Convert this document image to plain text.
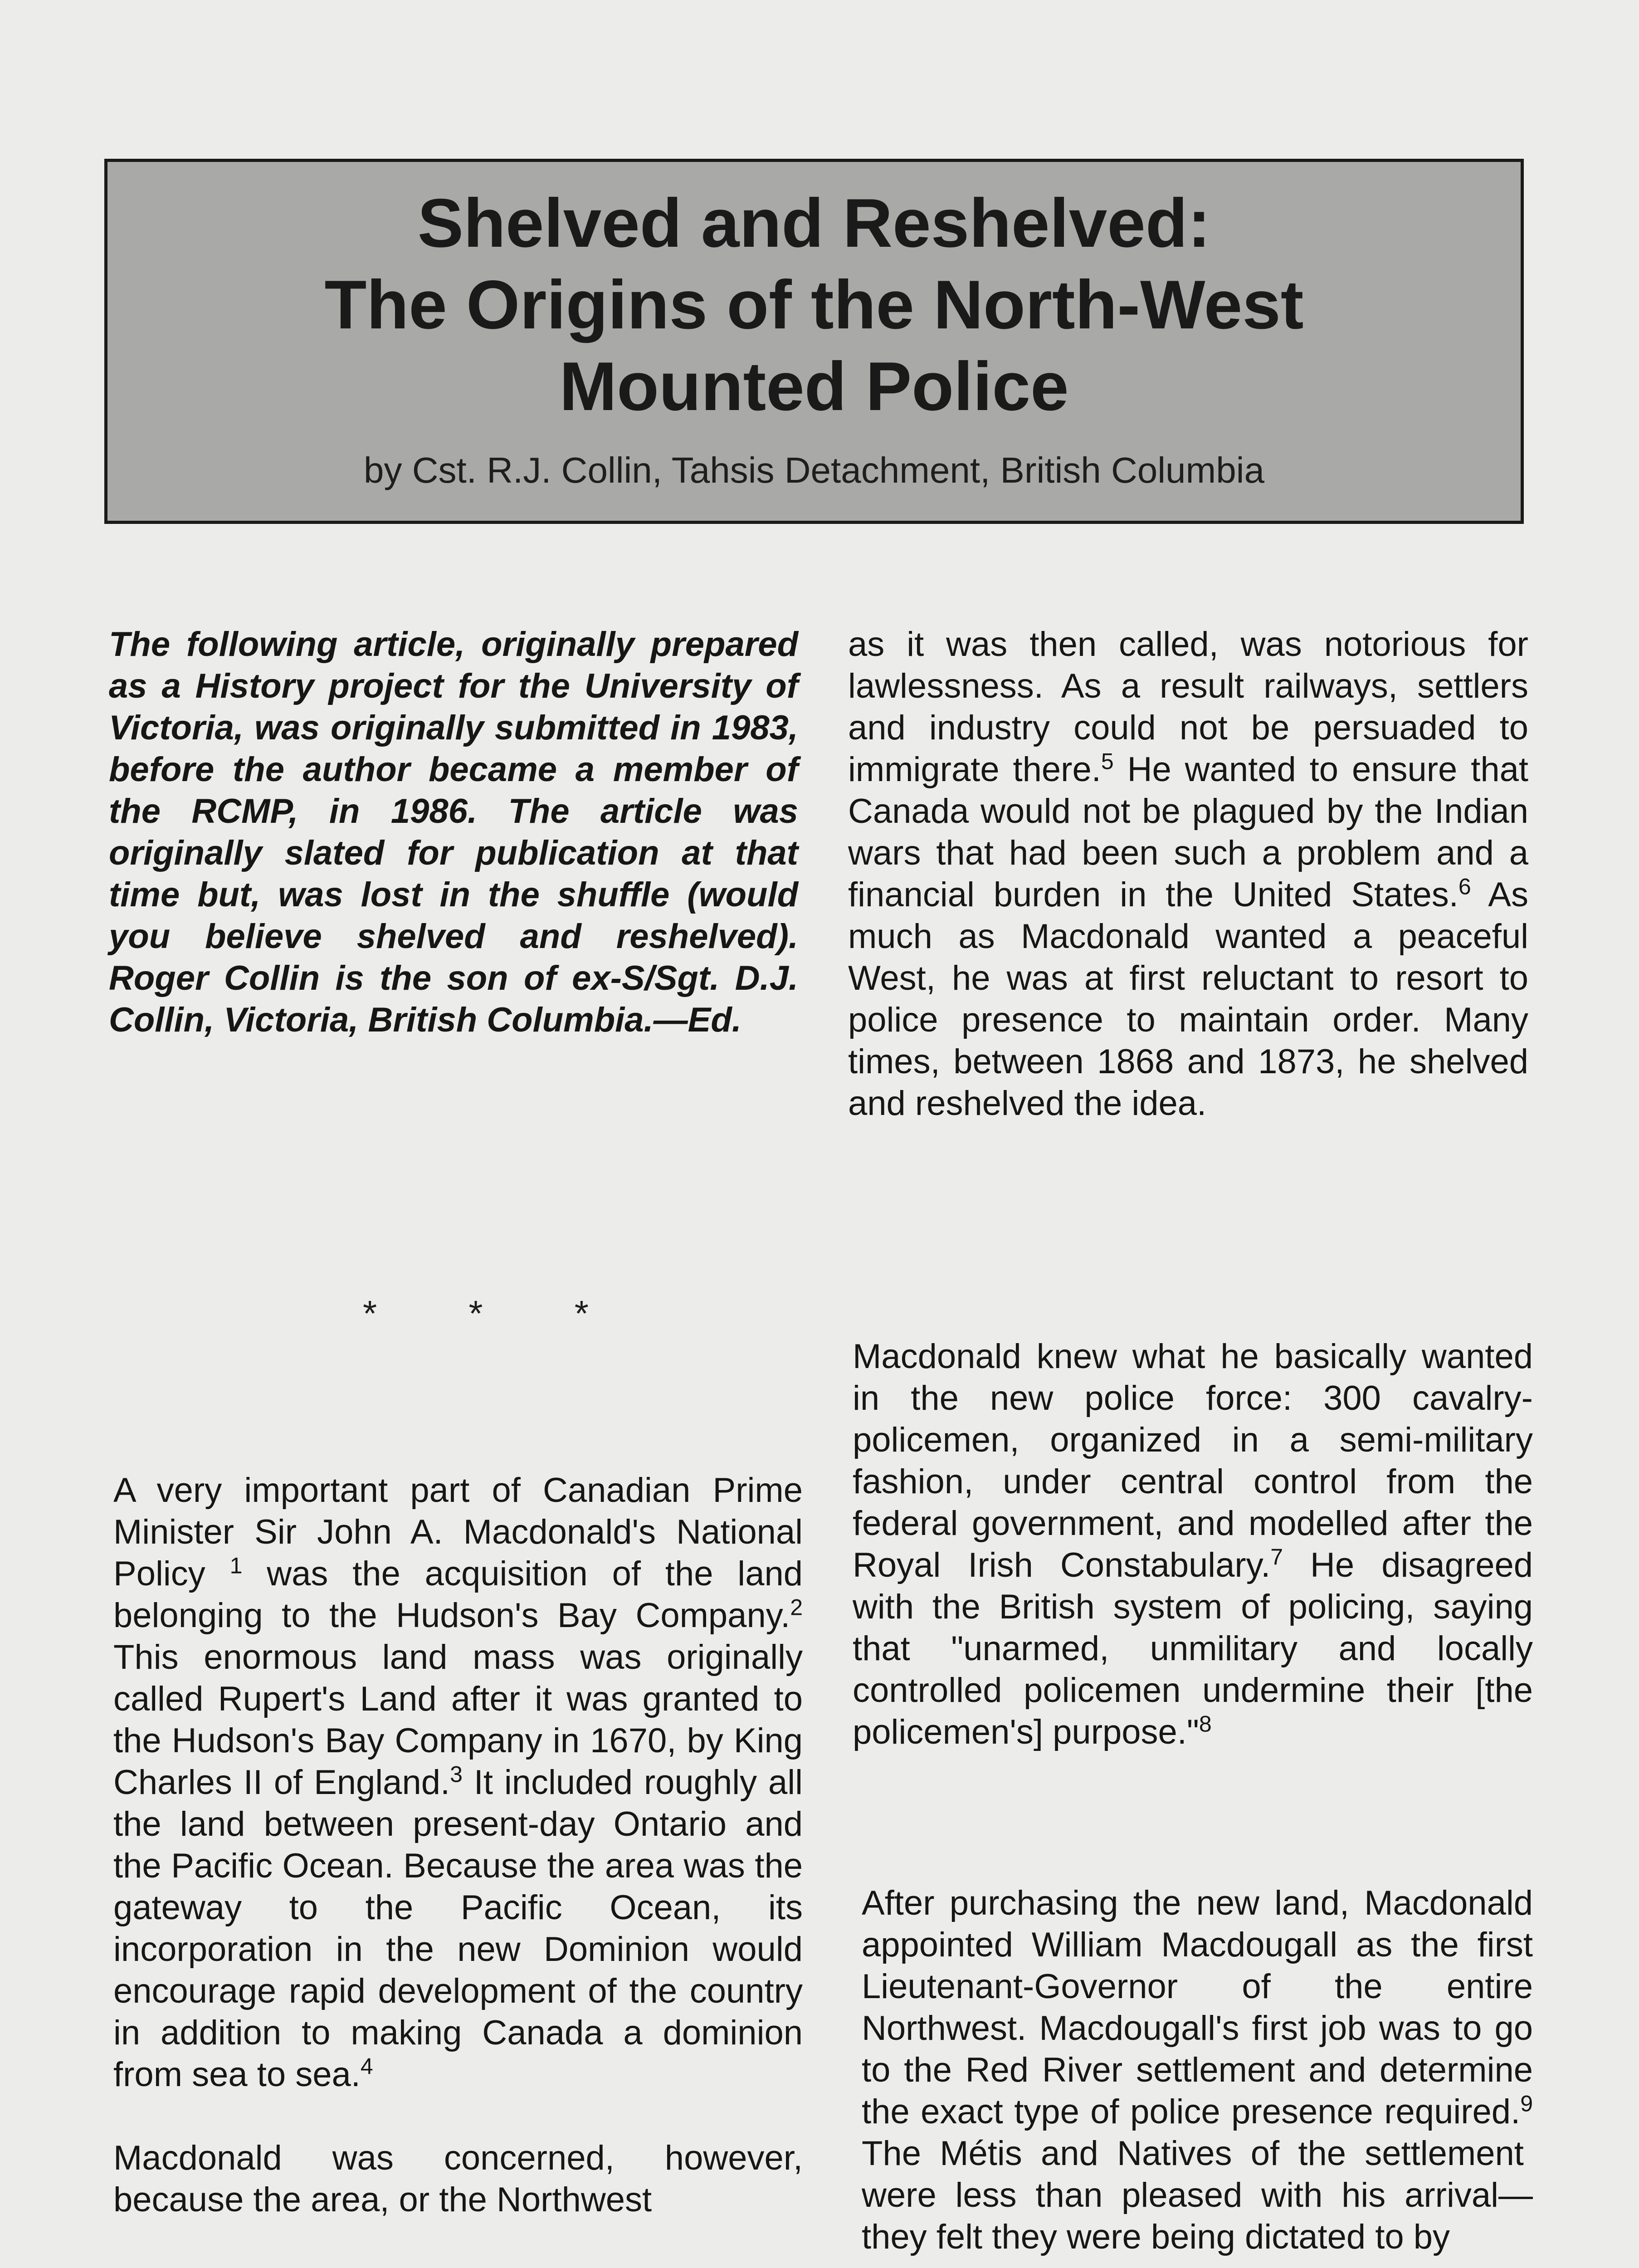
Shelved and Reshelved:
The Origins of the North-West
Mounted Police
by Cst. R.J. Collin, Tahsis Detachment, British Columbia

The following article, originally prepared as a History project for the University of Victoria, was originally submitted in 1983, before the author became a member of the RCMP, in 1986. The article was originally slated for publication at that time but, was lost in the shuffle (would you believe shelved and reshelved). Roger Collin is the son of ex-S/Sgt. D.J. Collin, Victoria, British Columbia.—Ed.

* * *

A very important part of Canadian Prime Minister Sir John A. Macdonald's National Policy $^1$ was the acquisition of the land belonging to the Hudson's Bay Company.$^2$ This enormous land mass was originally called Rupert's Land after it was granted to the Hudson's Bay Company in 1670, by King Charles II of England.$^3$ It included roughly all the land between present-day Ontario and the Pacific Ocean. Because the area was the gateway to the Pacific Ocean, its incorporation in the new Dominion would encourage rapid development of the country in addition to making Canada a dominion from sea to sea.$^4$

Macdonald was concerned, however, because the area, or the Northwest

as it was then called, was notorious for lawlessness. As a result railways, settlers and industry could not be persuaded to immigrate there.$^5$ He wanted to ensure that Canada would not be plagued by the Indian wars that had been such a problem and a financial burden in the United States.$^6$ As much as Macdonald wanted a peaceful West, he was at first reluctant to resort to police presence to maintain order. Many times, between 1868 and 1873, he shelved and reshelved the idea.

Macdonald knew what he basically wanted in the new police force: 300 cavalry-policemen, organized in a semi-military fashion, under central control from the federal government, and modelled after the Royal Irish Constabulary.$^7$ He disagreed with the British system of policing, saying that "unarmed, unmilitary and locally controlled policemen undermine their [the policemen's] purpose."$^8$

After purchasing the new land, Macdonald appointed William Macdougall as the first Lieutenant-Governor of the entire Northwest. Macdougall's first job was to go to the Red River settlement and determine the exact type of police presence required.$^9$ The Métis and Natives of the settlement were less than pleased with his arrival—they felt they were being dictated to by
